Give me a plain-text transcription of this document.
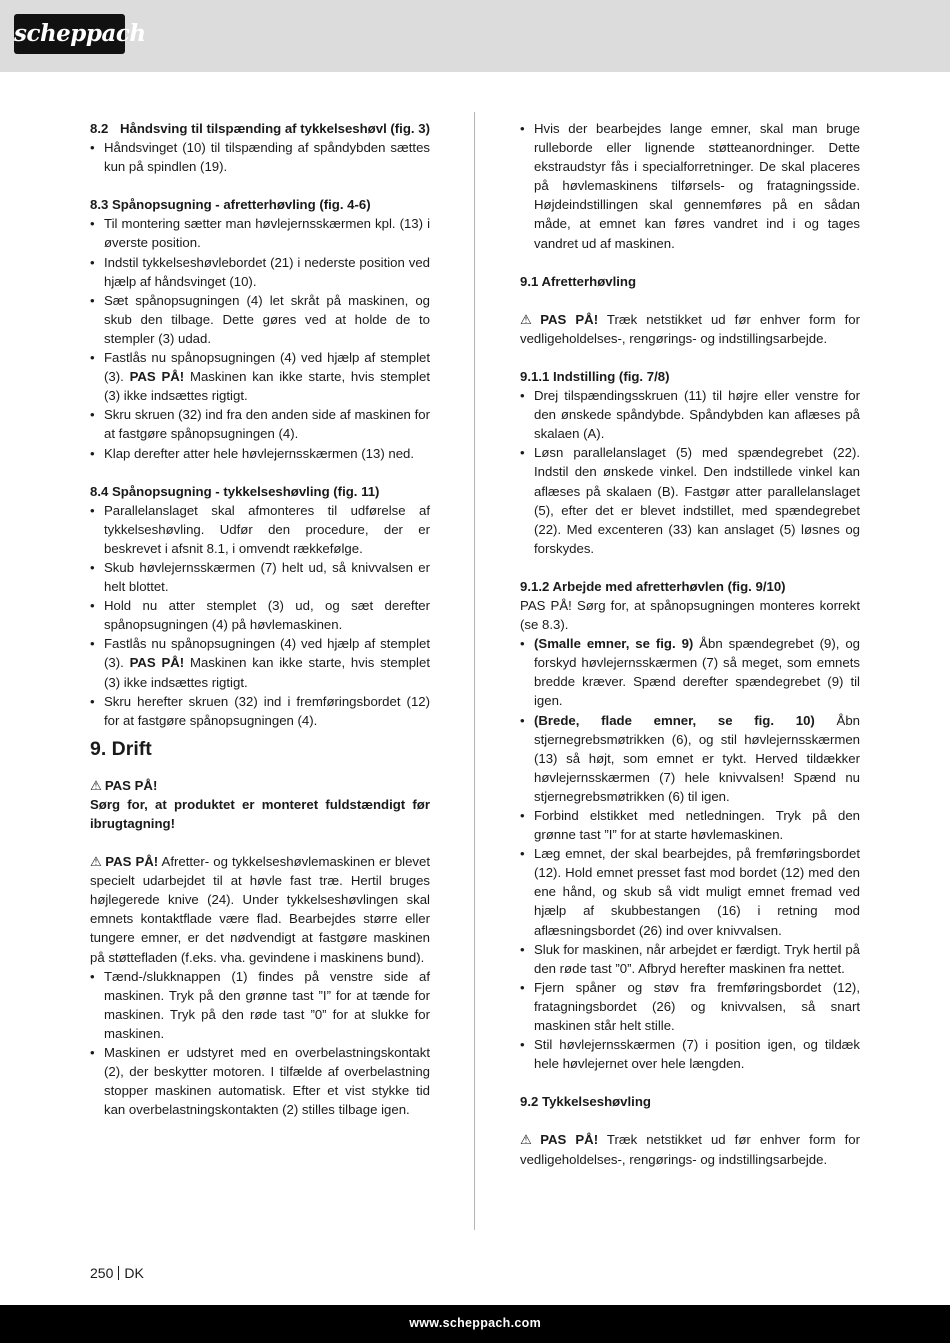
scheppach
8.2 Håndsving til tilspænding af tykkelseshøvl (fig. 3)
• Håndsvinget (10) til tilspænding af spåndybden sættes kun på spindlen (19).

8.3 Spånopsugning - afretterhøvling (fig. 4-6)

• Til montering sætter man høvlejernsskærmen kpl. (13) i øverste position.
• Indstil tykkelseshøvlebordet (21) i nederste position ved hjælp af håndsvinget (10).
• Sæt spånopsugningen (4) let skråt på maskinen, og skub den tilbage. Dette gøres ved at holde de to stempler (3) udad.
• Fastlås nu spånopsugningen (4) ved hjælp af stemplet (3). PAS PÅ! Maskinen kan ikke starte, hvis stemplet (3) ikke indsættes rigtigt.
• Skru skruen (32) ind fra den anden side af maskinen for at fastgøre spånopsugningen (4).
• Klap derefter atter hele høvlejernsskærmen (13) ned.

8.4 Spånopsugning - tykkelseshøvling (fig. 11)

• Parallelanslaget skal afmonteres til udførelse af tykkelseshøvling. Udfør den procedure, der er beskrevet i afsnit 8.1, i omvendt rækkefølge.
• Skub høvlejernsskærmen (7) helt ud, så knivvalsen er helt blottet.
• Hold nu atter stemplet (3) ud, og sæt derefter spånopsugningen (4) på høvlemaskinen.
• Fastlås nu spånopsugningen (4) ved hjælp af stemplet (3). PAS PÅ! Maskinen kan ikke starte, hvis stemplet (3) ikke indsættes rigtigt.
• Skru herefter skruen (32) ind i fremføringsbordet (12) for at fastgøre spånopsugningen (4).

9. Drift

⚠ PAS PÅ!

Sørg for, at produktet er monteret fuldstændigt før ibrugtagning!

⚠ PAS PÅ! Afretter- og tykkelseshøvlemaskinen er blevet specielt udarbejdet til at høvle fast træ. Hertil bruges højlegerede knive (24). Under tykkelseshøvlingen skal emnets kontaktflade være flad. Bearbejdes større eller tungere emner, er det nødvendigt at fastgøre maskinen på støttefladen (f.eks. vha. gevindene i maskinens bund).

• Tænd-/slukknappen (1) findes på venstre side af maskinen. Tryk på den grønne tast ”I” for at tænde for maskinen. Tryk på den røde tast ”0” for at slukke for maskinen.
• Maskinen er udstyret med en overbelastningskontakt (2), der beskytter motoren. I tilfælde af overbelastning stopper maskinen automatisk. Efter et vist stykke tid kan overbelastningskontakten (2) stilles tilbage igen.
• Hvis der bearbejdes lange emner, skal man bruge rulleborde eller lignende støtteanordninger. Dette ekstraudstyr fås i specialforretninger. De skal placeres på høvlemaskinens tilførsels- og fratagningsside. Højdeindstillingen skal gennemføres på en sådan måde, at emnet kan føres vandret ind i og tages vandret ud af maskinen.

9.1 Afretterhøvling

⚠ PAS PÅ! Træk netstikket ud før enhver form for vedligeholdelses-, rengørings- og indstillingsarbejde.

9.1.1 Indstilling (fig. 7/8)

• Drej tilspændingsskruen (11) til højre eller venstre for den ønskede spåndybde. Spåndybden kan aflæses på skalaen (A).
• Løsn parallelanslaget (5) med spændegrebet (22). Indstil den ønskede vinkel. Den indstillede vinkel kan aflæses på skalaen (B). Fastgør atter parallelanslaget (5), efter det er blevet indstillet, med spændegrebet (22). Med excenteren (33) kan anslaget (5) løsnes og forskydes.

9.1.2 Arbejde med afretterhøvlen (fig. 9/10)

PAS PÅ! Sørg for, at spånopsugningen monteres korrekt (se 8.3).

• (Smalle emner, se fig. 9) Åbn spændegrebet (9), og forskyd høvlejernsskærmen (7) så meget, som emnets bredde kræver. Spænd derefter spændegrebet (9) til igen.
• (Brede, flade emner, se fig. 10) Åbn stjernegrebsmøtrikken (6), og stil høvlejernsskærmen (13) så højt, som emnet er tykt. Herved tildækker høvlejernsskærmen (7) hele knivvalsen! Spænd nu stjernegrebsmøtrikken (6) til igen.
• Forbind elstikket med netledningen. Tryk på den grønne tast ”I” for at starte høvlemaskinen.
• Læg emnet, der skal bearbejdes, på fremføringsbordet (12). Hold emnet presset fast mod bordet (12) med den ene hånd, og skub så vidt muligt emnet fremad ved hjælp af skubbestangen (16) i retning mod aflæsningsbordet (26) ind over knivvalsen.
• Sluk for maskinen, når arbejdet er færdigt. Tryk hertil på den røde tast ”0”. Afbryd herefter maskinen fra nettet.
• Fjern spåner og støv fra fremføringsbordet (12), fratagningsbordet (26) og knivvalsen, så snart maskinen står helt stille.
• Stil høvlejernsskærmen (7) i position igen, og tildæk hele høvlejernet over hele længden.

9.2 Tykkelseshøvling

⚠ PAS PÅ! Træk netstikket ud før enhver form for vedligeholdelses-, rengørings- og indstillingsarbejde.

250 DK
www.scheppach.com
